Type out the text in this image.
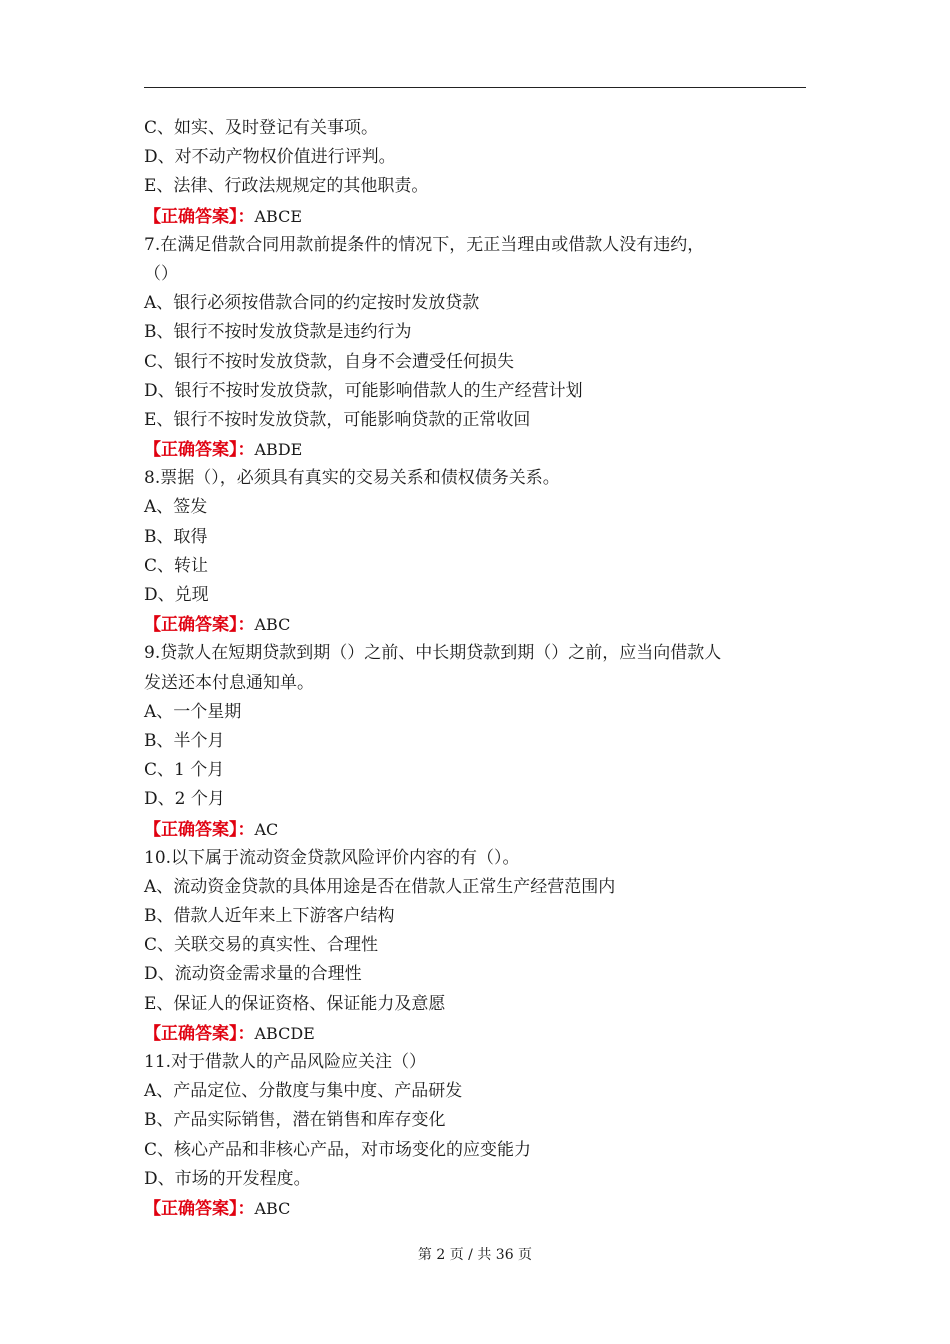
C、如实、及时登记有关事项。
D、对不动产物权价值进行评判。
E、法律、行政法规规定的其他职责。
【正确答案】：ABCE
7.在满足借款合同用款前提条件的情况下，无正当理由或借款人没有违约，
（）
A、银行必须按借款合同的约定按时发放贷款
B、银行不按时发放贷款是违约行为
C、银行不按时发放贷款，自身不会遭受任何损失
D、银行不按时发放贷款，可能影响借款人的生产经营计划
E、银行不按时发放贷款，可能影响贷款的正常收回
【正确答案】：ABDE
8.票据（），必须具有真实的交易关系和债权债务关系。
A、签发
B、取得
C、转让
D、兑现
【正确答案】：ABC
9.贷款人在短期贷款到期（）之前、中长期贷款到期（）之前，应当向借款人
发送还本付息通知单。
A、一个星期
B、半个月
C、1 个月
D、2 个月
【正确答案】：AC
10.以下属于流动资金贷款风险评价内容的有（）。
A、流动资金贷款的具体用途是否在借款人正常生产经营范围内
B、借款人近年来上下游客户结构
C、关联交易的真实性、合理性
D、流动资金需求量的合理性
E、保证人的保证资格、保证能力及意愿
【正确答案】：ABCDE
11.对于借款人的产品风险应关注（）
A、产品定位、分散度与集中度、产品研发
B、产品实际销售，潜在销售和库存变化
C、核心产品和非核心产品，对市场变化的应变能力
D、市场的开发程度。
【正确答案】：ABC
第 2 页 / 共 36 页
